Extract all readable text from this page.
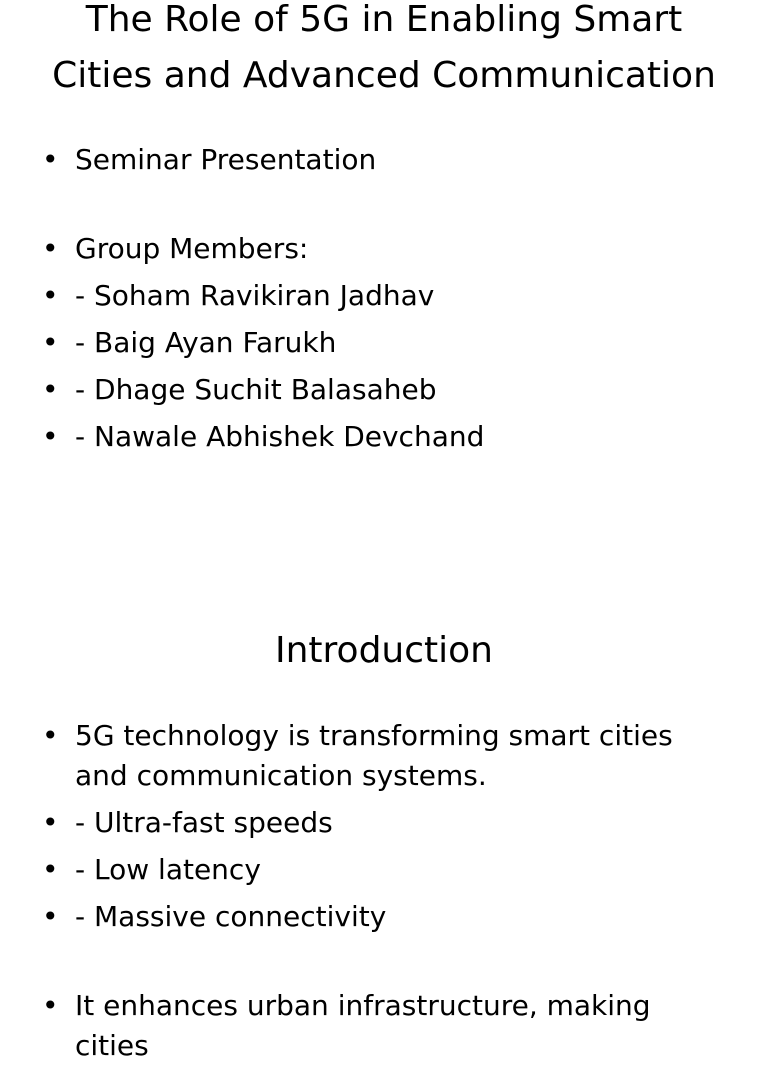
The Role of 5G in Enabling Smart Cities and Advanced Communication
• Seminar Presentation
• Group Members:
• - Soham Ravikiran Jadhav
• - Baig Ayan Farukh
• - Dhage Suchit Balasaheb
• - Nawale Abhishek Devchand
Introduction
• 5G technology is transforming smart cities and communication systems.
• - Ultra-fast speeds
• - Low latency
• - Massive connectivity
• It enhances urban infrastructure, making cities
